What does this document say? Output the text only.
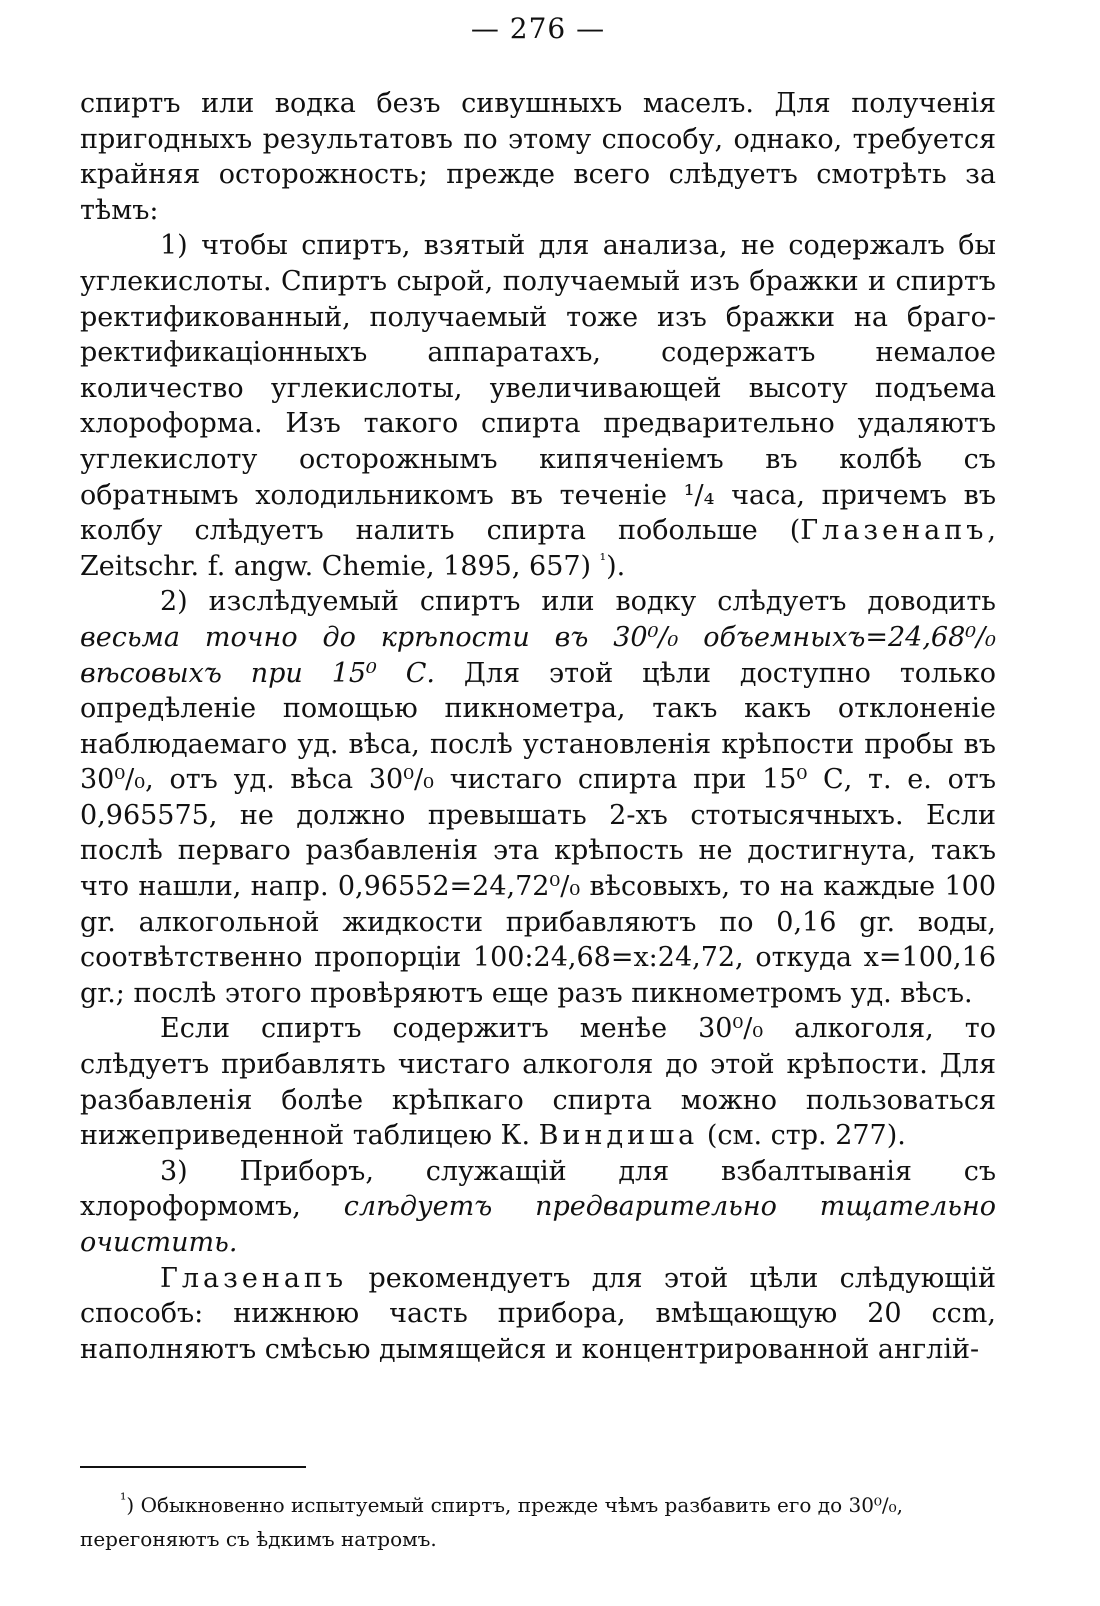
— 276 —

спиртъ или водка безъ сивушныхъ маселъ. Для полученія пригодныхъ результатовъ по этому способу, однако, требуется крайняя осторожность; прежде всего слѣдуетъ смотрѣть за тѣмъ:

1) чтобы спиртъ, взятый для анализа, не содержалъ бы углекислоты. Спиртъ сырой, получаемый изъ бражки и спиртъ ректификованный, получаемый тоже изъ бражки на браго-ректификаціонныхъ аппаратахъ, содержатъ немалое количество углекислоты, увеличивающей высоту подъема хлороформа. Изъ такого спирта предварительно удаляютъ углекислоту осторожнымъ кипяченіемъ въ колбѣ съ обратнымъ холодильникомъ въ теченіе ¹/₄ часа, причемъ въ колбу слѣдуетъ налить спирта побольше (Глазенапъ, Zeitschr. f. angw. Chemie, 1895, 657) $^{^1}$).

2) изслѣдуемый спиртъ или водку слѣдуетъ доводить весьма точно до крѣпости въ 30⁰/₀ объемныхъ=24,68⁰/₀ вѣсовыхъ при 15⁰ С. Для этой цѣли доступно только опредѣленіе помощью пикнометра, такъ какъ отклоненіе наблюдаемаго уд. вѣса, послѣ установленія крѣпости пробы въ 30⁰/₀, отъ уд. вѣса 30⁰/₀ чистаго спирта при 15⁰ С, т. е. отъ 0,965575, не должно превышать 2-хъ стотысячныхъ. Если послѣ перваго разбавленія эта крѣпость не достигнута, такъ что нашли, напр. 0,96552=24,72⁰/₀ вѣсовыхъ, то на каждые 100 gr. алкогольной жидкости прибавляютъ по 0,16 gr. воды, соотвѣтственно пропорціи 100:24,68=x:24,72, откуда x=100,16 gr.; послѣ этого провѣряютъ еще разъ пикнометромъ уд. вѣсъ.

Если спиртъ содержитъ менѣе 30⁰/₀ алкоголя, то слѣдуетъ прибавлять чистаго алкоголя до этой крѣпости. Для разбавленія болѣе крѣпкаго спирта можно пользоваться нижеприведенной таблицею К. Виндиша (см. стр. 277).

3) Приборъ, служащій для взбалтыванія съ хлороформомъ, слѣдуетъ предварительно тщательно очистить.

Глазенапъ рекомендуетъ для этой цѣли слѣдующій способъ: нижнюю часть прибора, вмѣщающую 20 ccm, наполняютъ смѣсью дымящейся и концентрированной англій-

$^{^1}$) Обыкновенно испытуемый спиртъ, прежде чѣмъ разбавить его до 30⁰/₀, перегоняютъ съ ѣдкимъ натромъ.
